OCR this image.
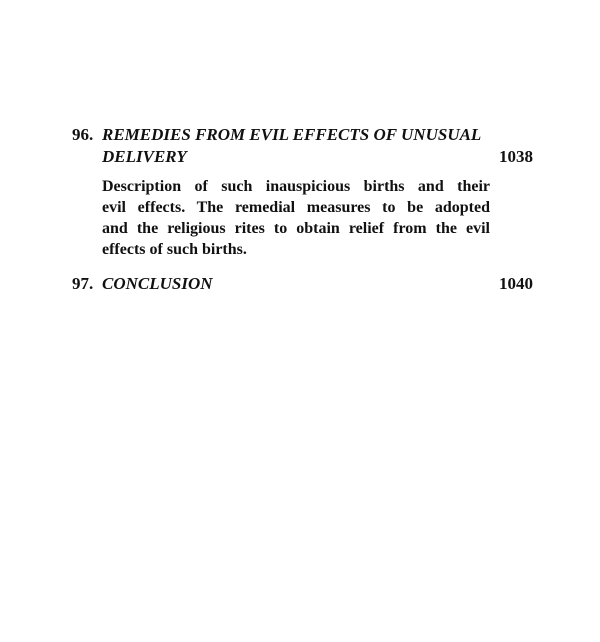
96. REMEDIES FROM EVIL EFFECTS OF UNUSUAL
DELIVERY	1038
Description of such inauspicious births and their
evil effects. The remedial measures to be adopted
and the religious rites to obtain relief from the evil
effects of such births.
97. CONCLUSION	1040
